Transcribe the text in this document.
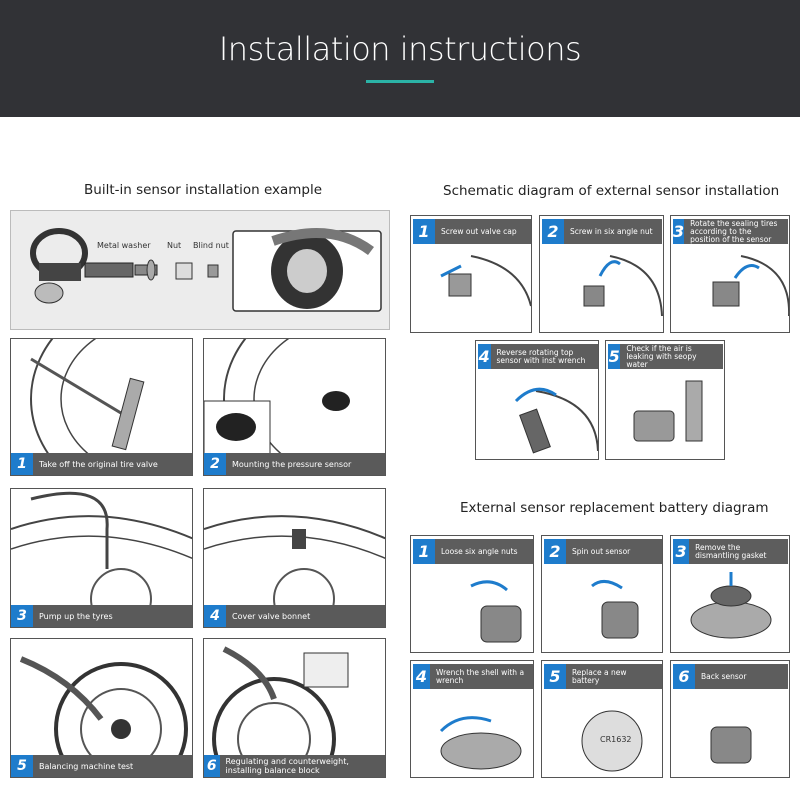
Installation instructions
Built-in sensor installation example
Metal washer Nut Blind nut
1	Take off the original tire valve	2	Mounting the pressure sensor
3	Pump up the tyres	4	Cover valve bonnet
5	Balancing machine test	6	Regulating and counterweight, installing balance block
Schematic diagram of external sensor installation
1	Screw out valve cap	2	Screw in six angle nut	3 Rotate the sealing tires according to the position of the sensor
4 Reverse rotating top sensor with inst wrench	5 Check if the air is leaking with seopy water
External sensor replacement battery diagram
1	Loose six angle nuts	2	Spin out sensor	3	Remove the dismantling gasket
4	Wrench the shell with a wrench
CR1632
5	Replace a new battery	6	Back sensor
